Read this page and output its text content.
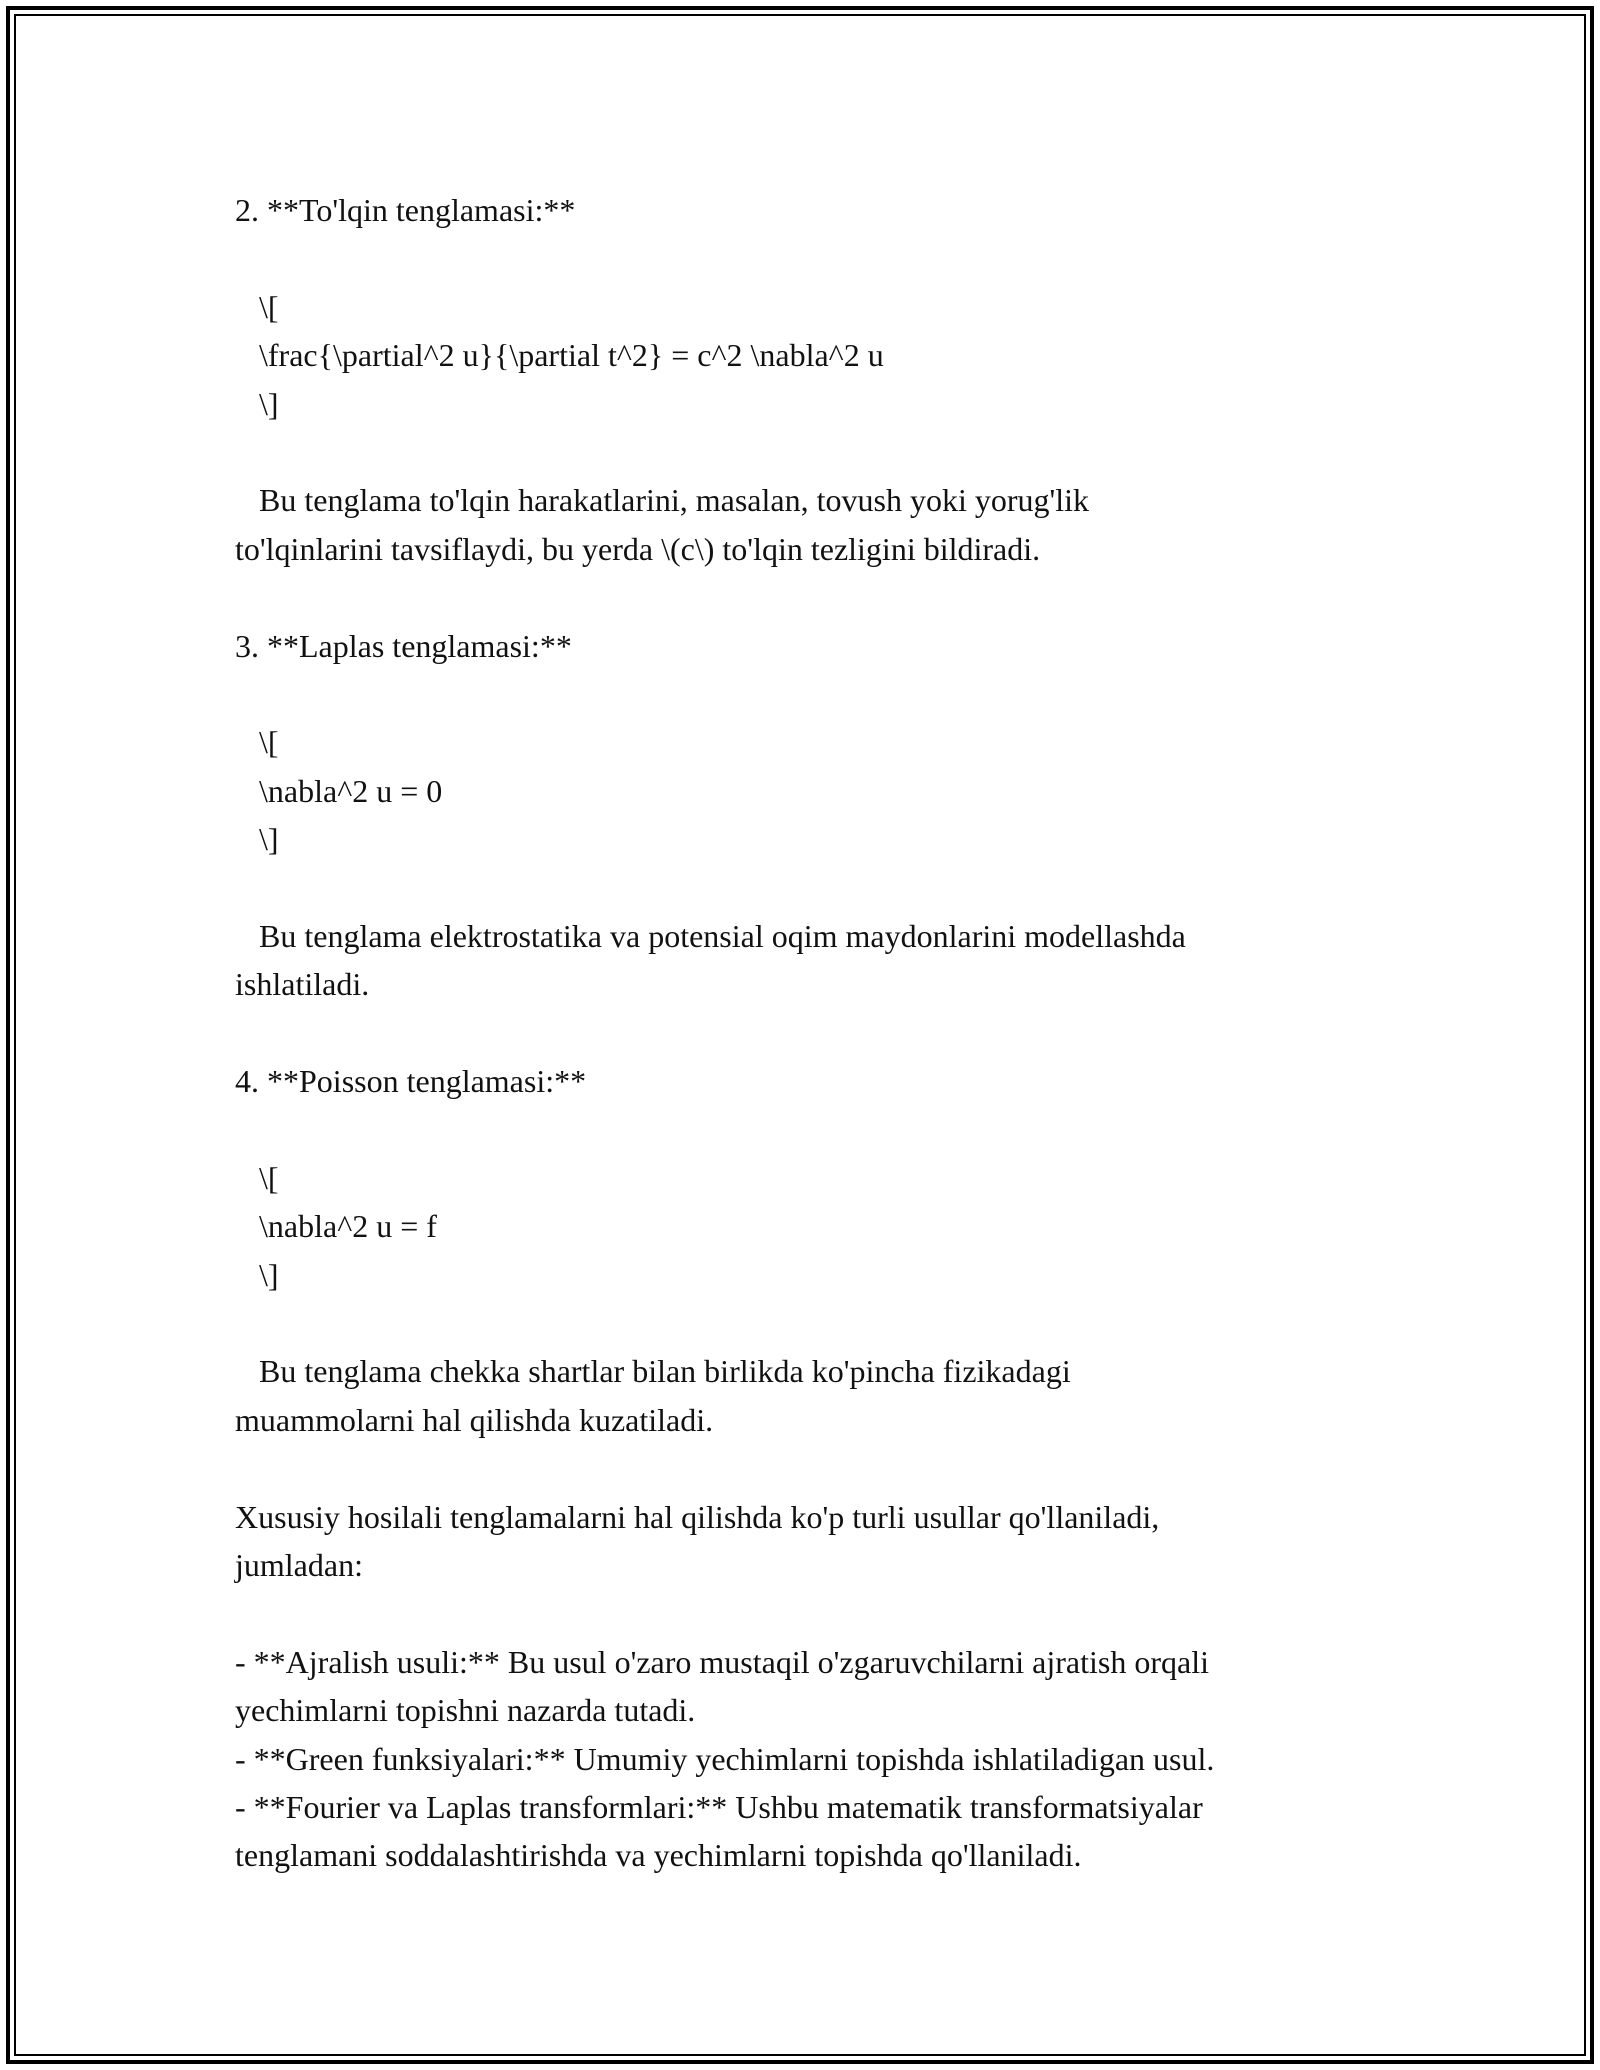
2. **To'lqin tenglamasi:**
\[
\frac{\partial^2 u}{\partial t^2} = c^2 \nabla^2 u
\]
Bu tenglama to'lqin harakatlarini, masalan, tovush yoki yorug'lik
to'lqinlarini tavsiflaydi, bu yerda \(c\) to'lqin tezligini bildiradi.
3. **Laplas tenglamasi:**
\[
\nabla^2 u = 0
\]
Bu tenglama elektrostatika va potensial oqim maydonlarini modellashda
ishlatiladi.
4. **Poisson tenglamasi:**
\[
\nabla^2 u = f
\]
Bu tenglama chekka shartlar bilan birlikda ko'pincha fizikadagi
muammolarni hal qilishda kuzatiladi.
Xususiy hosilali tenglamalarni hal qilishda ko'p turli usullar qo'llaniladi,
jumladan:
- **Ajralish usuli:** Bu usul o'zaro mustaqil o'zgaruvchilarni ajratish orqali
yechimlarni topishni nazarda tutadi.
- **Green funksiyalari:** Umumiy yechimlarni topishda ishlatiladigan usul.
- **Fourier va Laplas transformlari:** Ushbu matematik transformatsiyalar
tenglamani soddalashtirishda va yechimlarni topishda qo'llaniladi.
